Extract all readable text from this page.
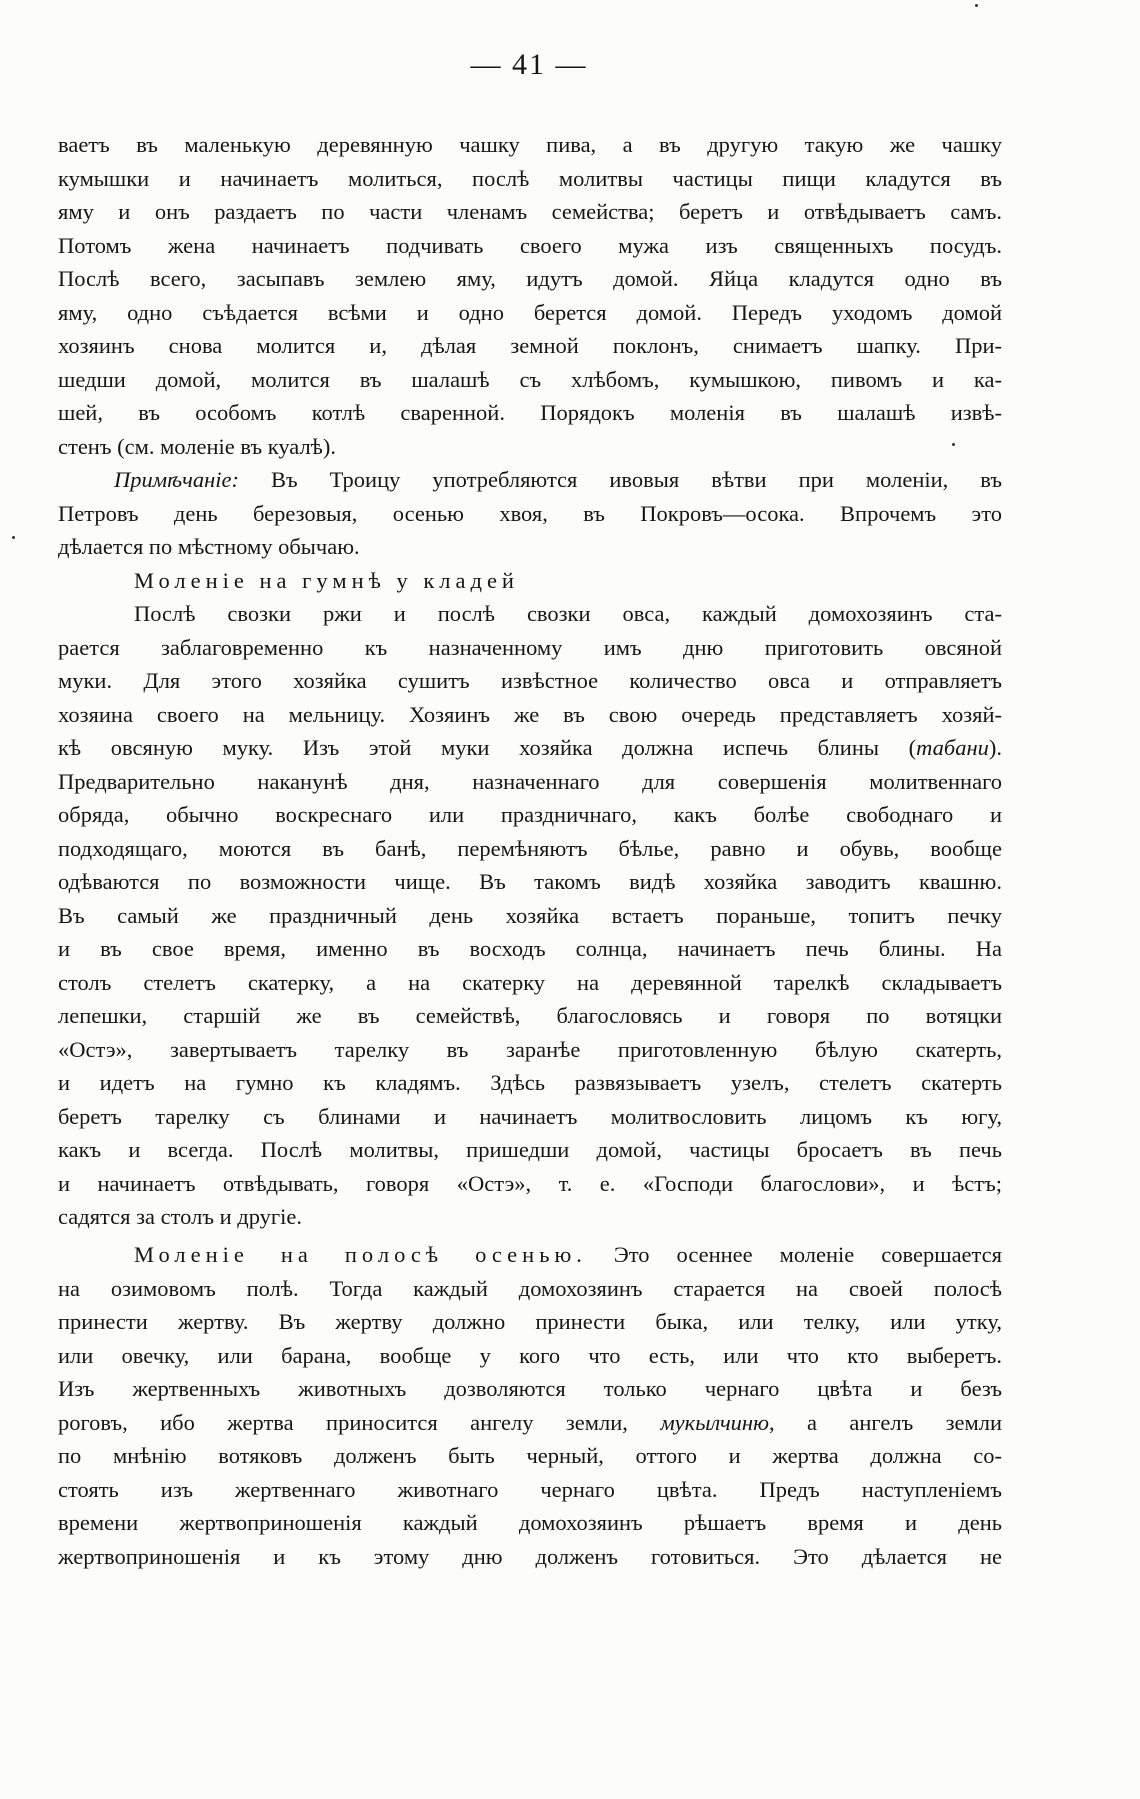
— 41 —
ваетъ въ маленькую деревянную чашку пива, а въ другую такую же чашку
кумышки и начинаетъ молиться, послѣ молитвы частицы пищи кладутся въ
яму и онъ раздаетъ по части членамъ семейства; беретъ и отвѣдываетъ самъ.
Потомъ жена начинаетъ подчивать своего мужа изъ священныхъ посудъ.
Послѣ всего, засыпавъ землею яму, идутъ домой. Яйца кладутся одно въ
яму, одно съѣдается всѣми и одно берется домой. Передъ уходомъ домой
хозяинъ снова молится и, дѣлая земной поклонъ, снимаетъ шапку. При-
шедши домой, молится въ шалашѣ съ хлѣбомъ, кумышкою, пивомъ и ка-
шей, въ особомъ котлѣ сваренной. Порядокъ моленія въ шалашѣ извѣ-
стенъ (см. моленіе въ куалѣ).
Примѣчаніе: Въ Троицу употребляются ивовыя вѣтви при моленіи, въ
Петровъ день березовыя, осенью хвоя, въ Покровъ—осока. Впрочемъ это
дѣлается по мѣстному обычаю.
Моленіе на гумнѣ у кладей
Послѣ свозки ржи и послѣ свозки овса, каждый домохозяинъ ста-
рается заблаговременно къ назначенному имъ дню приготовить овсяной
муки. Для этого хозяйка сушитъ извѣстное количество овса и отправляетъ
хозяина своего на мельницу. Хозяинъ же въ свою очередь представляетъ хозяй-
кѣ овсяную муку. Изъ этой муки хозяйка должна испечь блины (табани).
Предварительно наканунѣ дня, назначеннаго для совершенія молитвеннаго
обряда, обычно воскреснаго или праздничнаго, какъ болѣе свободнаго и
подходящаго, моются въ банѣ, перемѣняютъ бѣлье, равно и обувь, вообще
одѣваются по возможности чище. Въ такомъ видѣ хозяйка заводитъ квашню.
Въ самый же праздничный день хозяйка встаетъ пораньше, топитъ печку
и въ свое время, именно въ восходъ солнца, начинаетъ печь блины. На
столъ стелетъ скатерку, а на скатерку на деревянной тарелкѣ складываетъ
лепешки, старшій же въ семействѣ, благословясь и говоря по вотяцки
«Остэ», завертываетъ тарелку въ заранѣе приготовленную бѣлую скатерть,
и идетъ на гумно къ кладямъ. Здѣсь развязываетъ узелъ, стелетъ скатерть
беретъ тарелку съ блинами и начинаетъ молитвословить лицомъ къ югу,
какъ и всегда. Послѣ молитвы, пришедши домой, частицы бросаетъ въ печь
и начинаетъ отвѣдывать, говоря «Остэ», т. е. «Господи благослови», и ѣстъ;
садятся за столъ и другіе.
Моленіе на полосѣ осенью. Это осеннее моленіе совершается
на озимовомъ полѣ. Тогда каждый домохозяинъ старается на своей полосѣ
принести жертву. Въ жертву должно принести быка, или телку, или утку,
или овечку, или барана, вообще у кого что есть, или что кто выберетъ.
Изъ жертвенныхъ животныхъ дозволяются только чернаго цвѣта и безъ
роговъ, ибо жертва приносится ангелу земли, мукылчиню, а ангелъ земли
по мнѣнію вотяковъ долженъ быть черный, оттого и жертва должна со-
стоять изъ жертвеннаго животнаго чернаго цвѣта. Предъ наступленіемъ
времени жертвоприношенія каждый домохозяинъ рѣшаетъ время и день
жертвоприношенія и къ этому дню долженъ готовиться. Это дѣлается не
